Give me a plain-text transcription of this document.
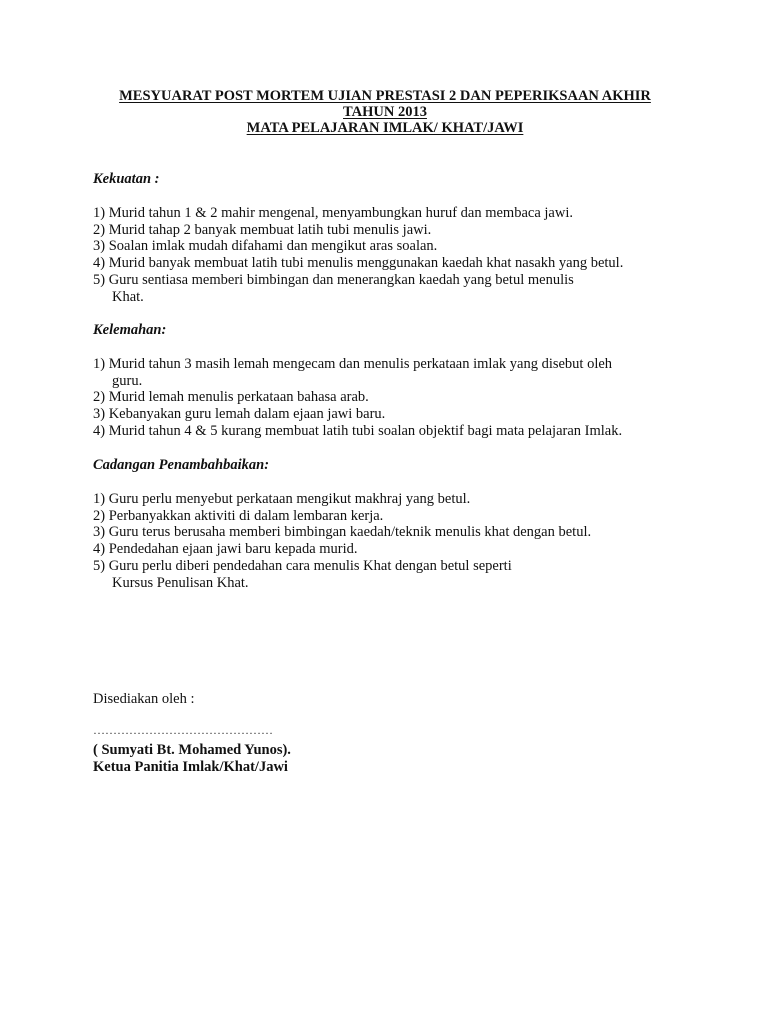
MESYUARAT POST MORTEM UJIAN PRESTASI 2 DAN PEPERIKSAAN AKHIR
TAHUN 2013
MATA PELAJARAN IMLAK/ KHAT/JAWI

Kekuatan :

1) Murid tahun 1 & 2 mahir mengenal, menyambungkan huruf dan membaca jawi.

2) Murid tahap 2 banyak membuat latih tubi menulis jawi.

3) Soalan imlak mudah difahami dan mengikut aras soalan.

4) Murid banyak membuat latih tubi menulis menggunakan kaedah khat nasakh yang betul.

5) Guru sentiasa memberi bimbingan dan menerangkan kaedah yang betul menulis

Khat.

Kelemahan:

1) Murid tahun 3 masih lemah mengecam dan menulis perkataan imlak yang disebut oleh

guru.

2) Murid lemah menulis perkataan bahasa arab.

3) Kebanyakan guru lemah dalam ejaan jawi baru.

4) Murid tahun 4 & 5 kurang membuat latih tubi soalan objektif bagi mata pelajaran Imlak.

Cadangan Penambahbaikan:

1) Guru perlu menyebut perkataan mengikut makhraj yang betul.

2) Perbanyakkan aktiviti di dalam lembaran kerja.

3) Guru terus berusaha memberi bimbingan kaedah/teknik menulis khat dengan betul.

4) Pendedahan ejaan jawi baru kepada murid.

5) Guru perlu diberi pendedahan cara menulis Khat dengan betul seperti

Kursus Penulisan Khat.

Disediakan oleh :
………………………………………
( Sumyati Bt. Mohamed Yunos).
Ketua Panitia Imlak/Khat/Jawi
